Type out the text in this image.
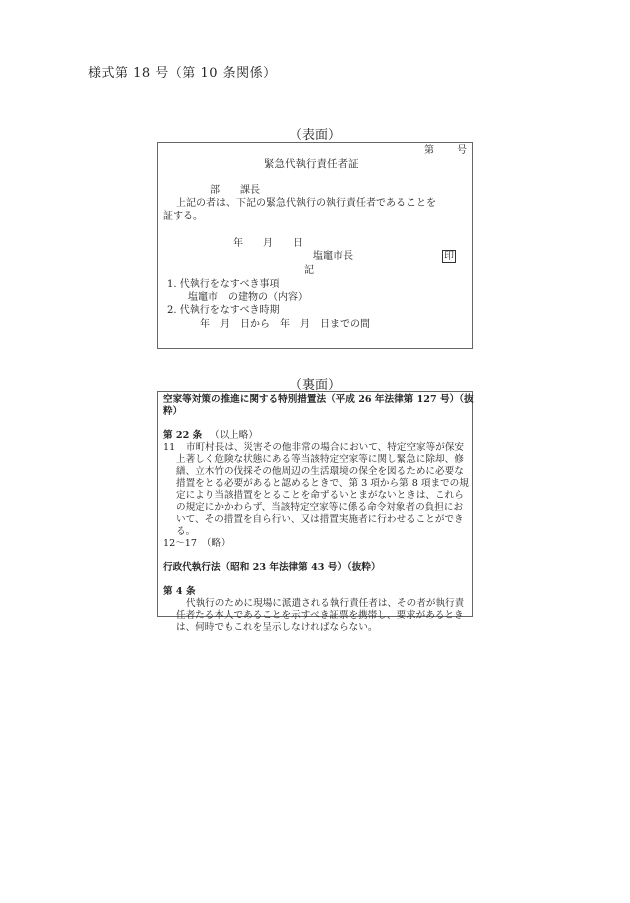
様式第 18 号（第 10 条関係）
（表面）
第 号
緊急代執行責任者証
部　　課長
上記の者は、下記の緊急代執行の執行責任者であることを
証する。
年　　月　　日
塩竈市長	印
記
1. 代執行をなすべき事項
塩竈市　の建物の（内容）
2. 代執行をなすべき時期
年　月　日から　年　月　日までの間
（裏面）
空家等対策の推進に関する特別措置法（平成 26 年法律第 127 号）（抜
粋）
第 22 条 （以上略）
11 市町村長は、災害その他非常の場合において、特定空家等が保安
上著しく危険な状態にある等当該特定空家等に関し緊急に除却、修
繕、立木竹の伐採その他周辺の生活環境の保全を図るために必要な
措置をとる必要があると認めるときで、第 3 項から第 8 項までの規
定により当該措置をとることを命ずるいとまがないときは、これら
の規定にかかわらず、当該特定空家等に係る命令対象者の負担にお
いて、その措置を自ら行い、又は措置実施者に行わせることができ
る。
12～17　（略）
行政代執行法（昭和 23 年法律第 43 号）（抜粋）
第 4 条
代執行のために現場に派遣される執行責任者は、その者が執行責
任者たる本人であることを示すべき証票を携帯し、要求があるとき
は、何時でもこれを呈示しなければならない。
